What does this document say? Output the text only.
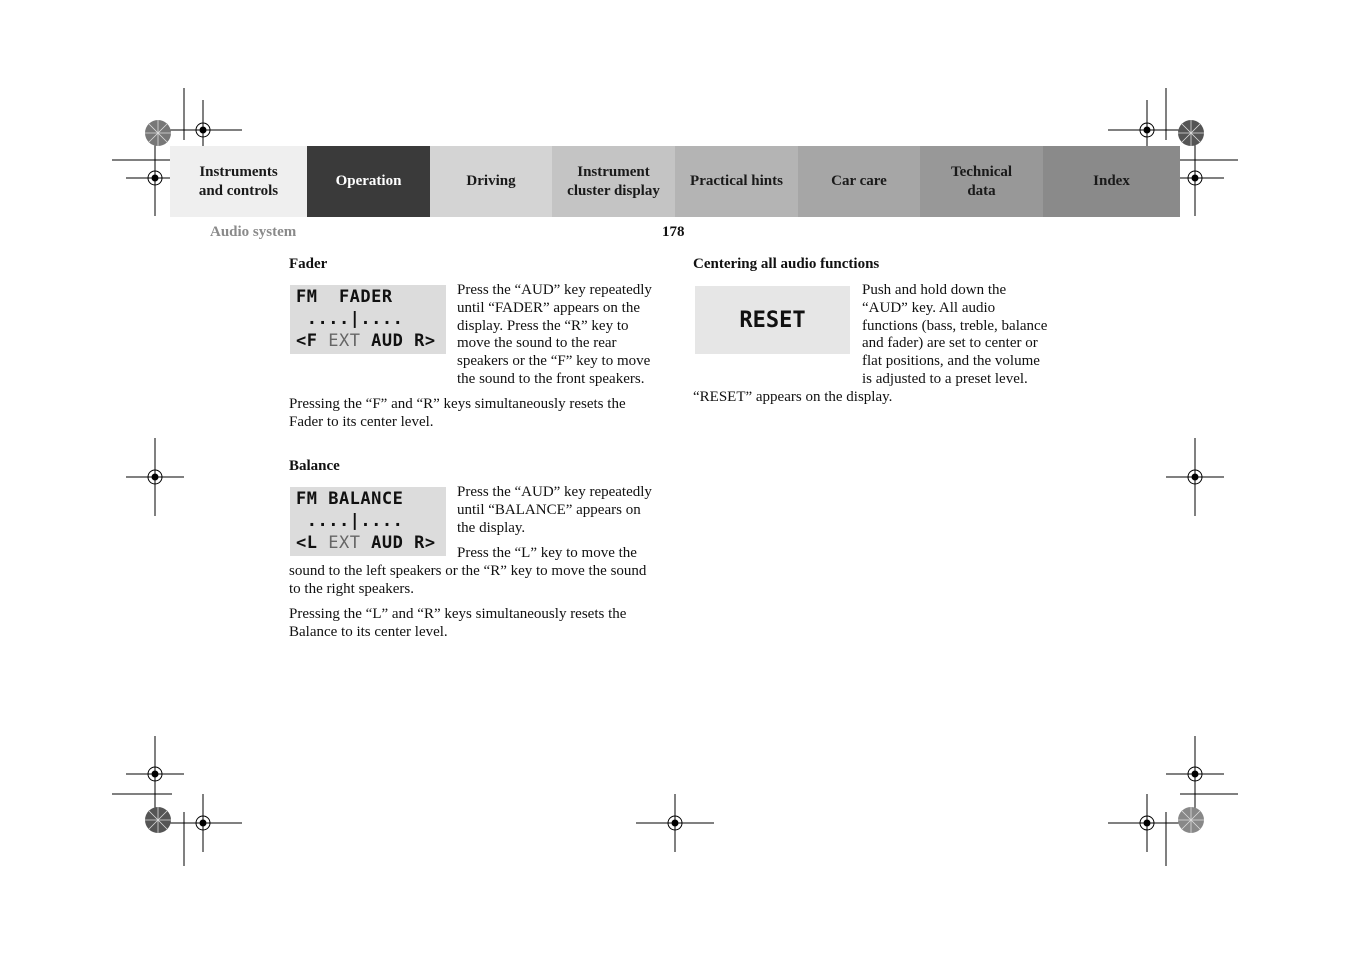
Instruments
and controls
Operation	Driving
Instrument
cluster display
Practical hints	Car care
Technical
data
Index
Audio system	178
Fader
FM  FADER
....|....
<F EXT AUD R>

Press the “AUD” key repeatedly until “FADER” appears on the display. Press the “R” key to move the sound to the rear speakers or the “F” key to move the sound to the front speakers.

Pressing the “F” and “R” keys simultaneously resets the Fader to its center level.

Balance
FM BALANCE
....|....
<L EXT AUD R>

Press the “AUD” key repeatedly until “BALANCE” appears on the display.

Press the “L” key to move the sound to the left speakers or the “R” key to move the sound to the right speakers.

Pressing the “L” and “R” keys simultaneously resets the Balance to its center level.

Centering all audio functions
RESET

Push and hold down the “AUD” key. All audio functions (bass, treble, balance and fader) are set to center or flat positions, and the volume is adjusted to a preset level. “RESET” appears on the display.
